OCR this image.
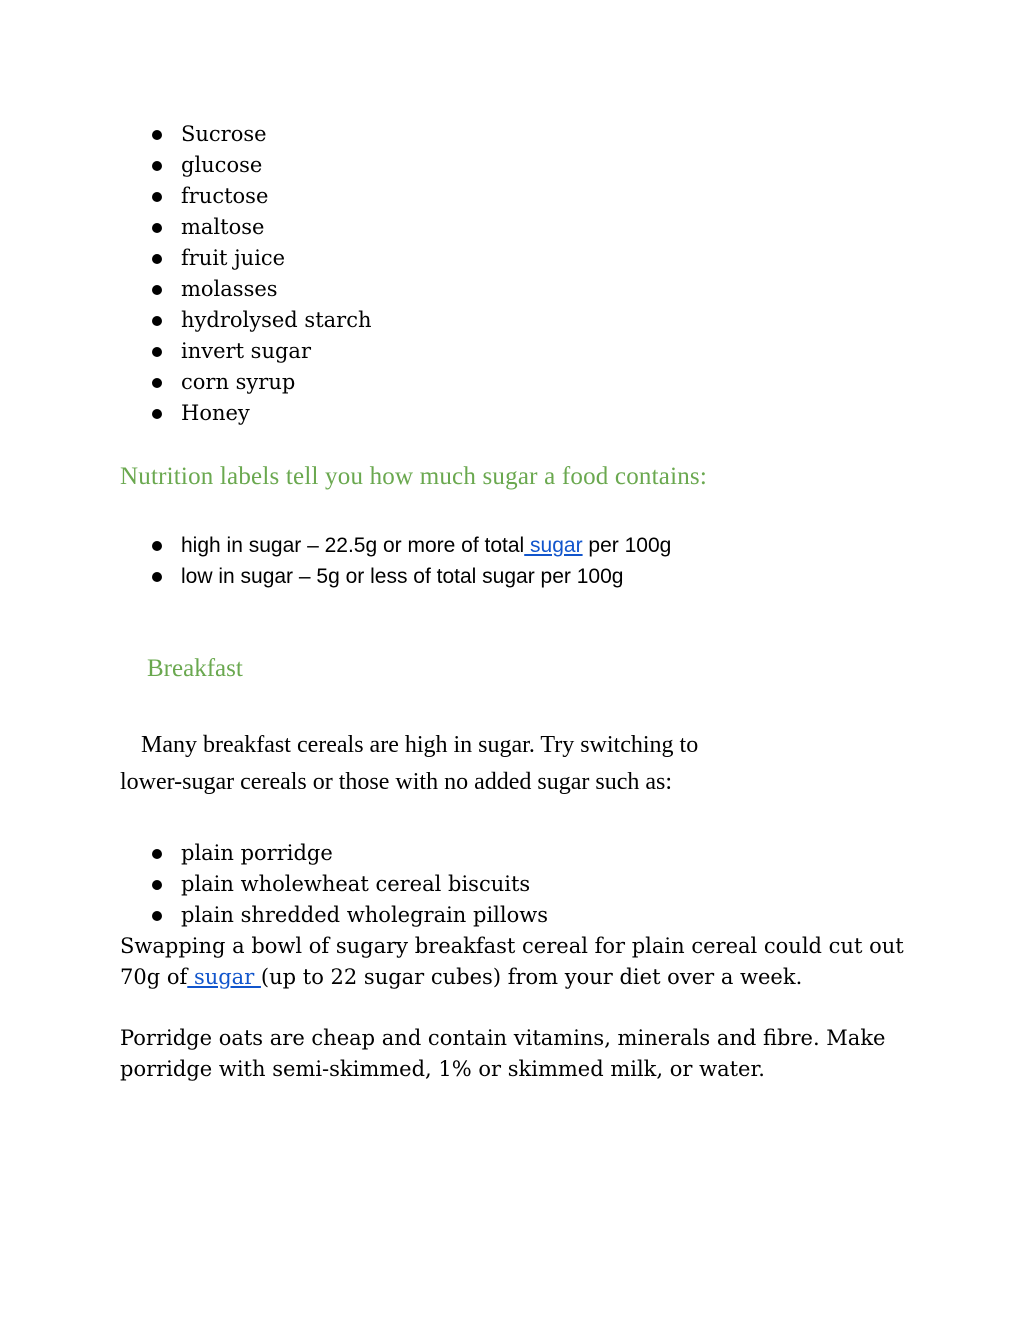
Sucrose
glucose
fructose
maltose
fruit juice
molasses
hydrolysed starch
invert sugar
corn syrup
Honey
Nutrition labels tell you how much sugar a food contains:
high in sugar – 22.5g or more of total sugar per 100g
low in sugar – 5g or less of total sugar per 100g
Breakfast

Many breakfast cereals are high in sugar. Try switching to
lower-sugar cereals or those with no added sugar such as:

plain porridge
plain wholewheat cereal biscuits
plain shredded wholegrain pillows

Swapping a bowl of sugary breakfast cereal for plain cereal could cut out
70g of sugar (up to 22 sugar cubes) from your diet over a week.

Porridge oats are cheap and contain vitamins, minerals and fibre. Make
porridge with semi-skimmed, 1% or skimmed milk, or water.
